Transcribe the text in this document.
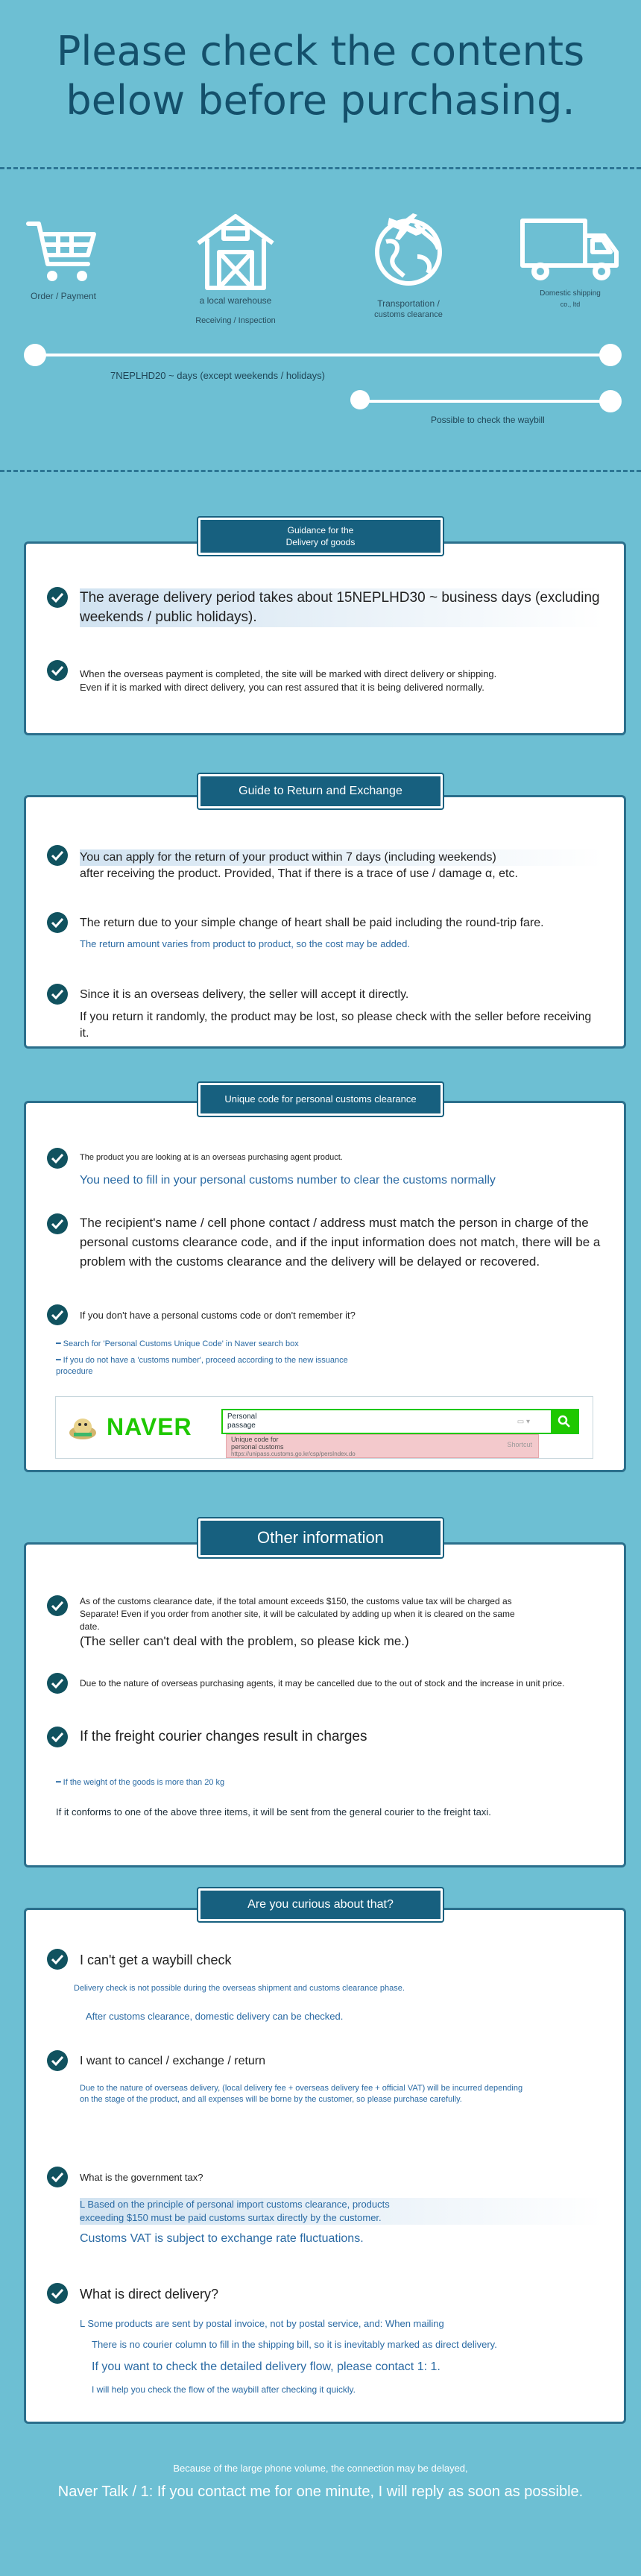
Please check the contents
below before purchasing.
Order / Payment	a local warehouse
Receiving / Inspection
Transportation /
customs clearance
Domestic shipping
co., ltd
7NEPLHD20 ~ days (except weekends / holidays)
Possible to check the waybill
The average delivery period takes about 15NEPLHD30 ~ business days (excluding weekends / public holidays).
When the overseas payment is completed, the site will be marked with direct delivery or shipping.
Even if it is marked with direct delivery, you can rest assured that it is being delivered normally.
Guidance for the
Delivery of goods
You can apply for the return of your product within 7 days (including weekends)
after receiving the product. Provided, That if there is a trace of use / damage α, etc.
The return due to your simple change of heart shall be paid including the round-trip fare.
The return amount varies from product to product, so the cost may be added.
Since it is an overseas delivery, the seller will accept it directly.
If you return it randomly, the product may be lost, so please check with the seller before receiving it.
Guide to Return and Exchange
The product you are looking at is an overseas purchasing agent product.
You need to fill in your personal customs number to clear the customs normally
The recipient's name / cell phone contact / address must match the person in charge of the personal customs clearance code, and if the input information does not match, there will be a problem with the customs clearance and the delivery will be delayed or recovered.
If you don't have a personal customs code or don't remember it?
━ Search for 'Personal Customs Unique Code' in Naver search box
━ If you do not have a 'customs number', proceed according to the new issuance
procedure
Unique code for personal customs clearance
NAVER	Personal
passage	▭ ▾
Unique code for
personal customs
https://unipass.customs.go.kr/csp/persIndex.do
Shortcut
As of the customs clearance date, if the total amount exceeds $150, the customs value tax will be charged as
Separate! Even if you order from another site, it will be calculated by adding up when it is cleared on the same
date.
(The seller can't deal with the problem, so please kick me.)
Due to the nature of overseas purchasing agents, it may be cancelled due to the out of stock and the increase in unit price.
If the freight courier changes result in charges
━ If the weight of the goods is more than 20 kg
If it conforms to one of the above three items, it will be sent from the general courier to the freight taxi.
Other information
I can't get a waybill check
Delivery check is not possible during the overseas shipment and customs clearance phase.
After customs clearance, domestic delivery can be checked.
I want to cancel / exchange / return
Due to the nature of overseas delivery, (local delivery fee + overseas delivery fee + official VAT) will be incurred depending
on the stage of the product, and all expenses will be borne by the customer, so please purchase carefully.
What is the government tax?
L Based on the principle of personal import customs clearance, products
exceeding $150 must be paid customs surtax directly by the customer.
Customs VAT is subject to exchange rate fluctuations.
What is direct delivery?
L Some products are sent by postal invoice, not by postal service, and: When mailing
There is no courier column to fill in the shipping bill, so it is inevitably marked as direct delivery.
If you want to check the detailed delivery flow, please contact 1: 1.
I will help you check the flow of the waybill after checking it quickly.
Are you curious about that?
Because of the large phone volume, the connection may be delayed,
Naver Talk / 1: If you contact me for one minute, I will reply as soon as possible.
